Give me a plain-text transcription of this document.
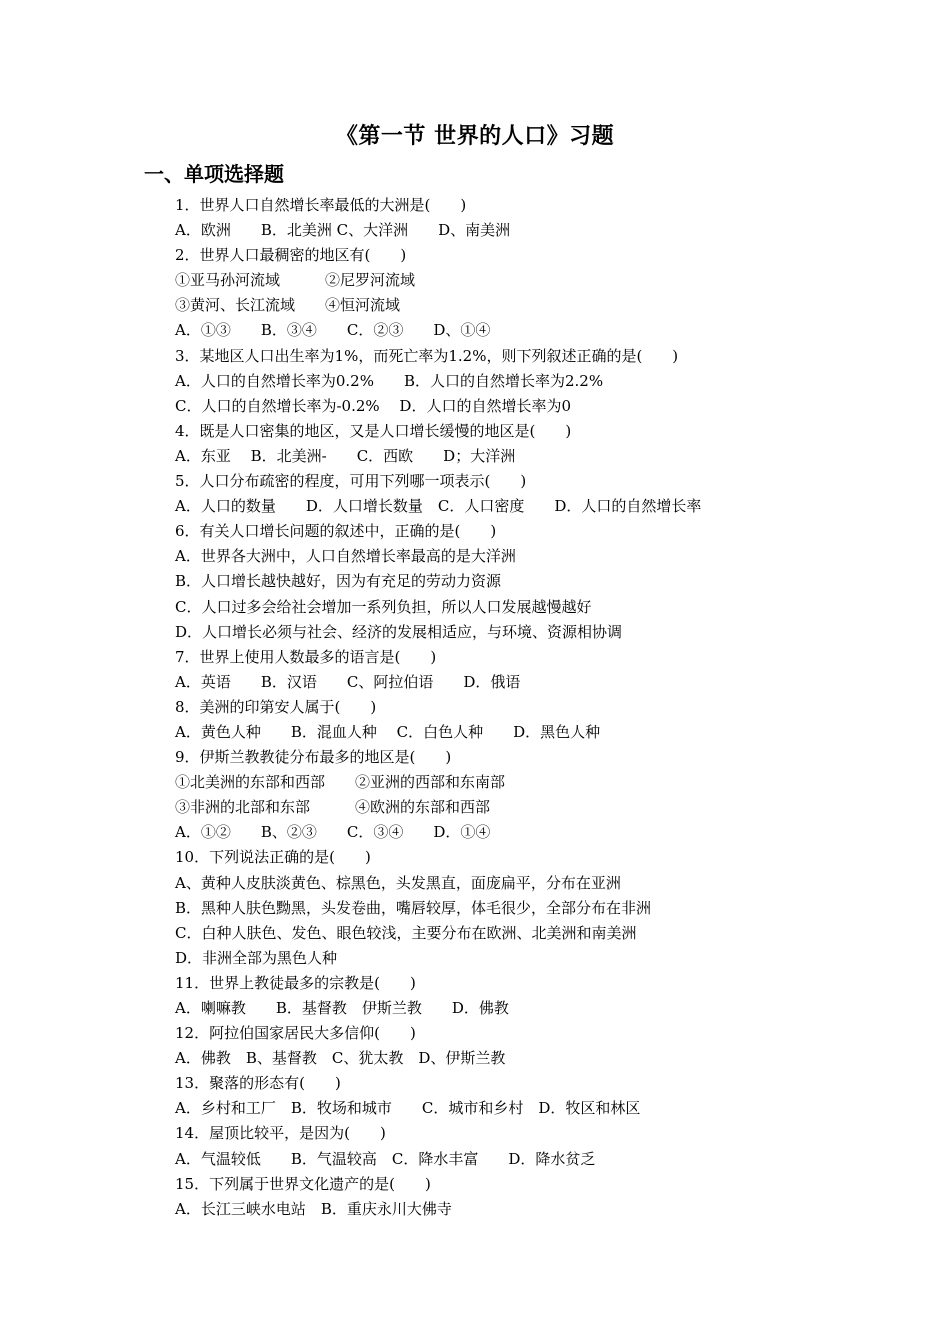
《第一节 世界的人口》习题
一、单项选择题
1．世界人口自然增长率最低的大洲是(　　)
A．欧洲　　B．北美洲 C、大洋洲　　D、南美洲
2．世界人口最稠密的地区有(　　)
①亚马孙河流域　　　②尼罗河流域
③黄河、长江流域　　④恒河流域
A．①③　　B．③④　　C．②③　　D、①④
3．某地区人口出生率为1%，而死亡率为1.2%，则下列叙述正确的是(　　)
A．人口的自然增长率为0.2%　　B．人口的自然增长率为2.2%
C．人口的自然增长率为-0.2%　 D．人口的自然增长率为0
4．既是人口密集的地区，又是人口增长缓慢的地区是(　　)
A．东亚　 B．北美洲-　　C．西欧　　D；大洋洲
5．人口分布疏密的程度，可用下列哪一项表示(　　)
A．人口的数量　　D．人口增长数量　C．人口密度　　D．人口的自然增长率
6．有关人口增长问题的叙述中，正确的是(　　)
A．世界各大洲中，人口自然增长率最高的是大洋洲
B．人口增长越快越好，因为有充足的劳动力资源
C．人口过多会给社会增加一系列负担，所以人口发展越慢越好
D．人口增长必须与社会、经济的发展相适应，与环境、资源相协调
7．世界上使用人数最多的语言是(　　)
A．英语　　B．汉语　　C、阿拉伯语　　D．俄语
8．美洲的印第安人属于(　　)
A．黄色人种　　B．混血人种　 C．白色人种　　D．黑色人种
9．伊斯兰教教徒分布最多的地区是(　　)
①北美洲的东部和西部　　②亚洲的西部和东南部
③非洲的北部和东部　　　④欧洲的东部和西部
A．①②　　B、②③　　C．③④　　D．①④
10．下列说法正确的是(　　)
A、黄种人皮肤淡黄色、棕黑色，头发黑直，面庞扁平，分布在亚洲
B．黑种人肤色黝黑，头发卷曲，嘴唇较厚，体毛很少，全部分布在非洲
C．白种人肤色、发色、眼色较浅，主要分布在欧洲、北美洲和南美洲
D．非洲全部为黑色人种
11．世界上教徒最多的宗教是(　　)
A．喇嘛教　　B．基督教　伊斯兰教　　D．佛教
12．阿拉伯国家居民大多信仰(　　)
A．佛教　B、基督教　C、犹太教　D、伊斯兰教
13．聚落的形态有(　　)
A．乡村和工厂　B．牧场和城市　　C．城市和乡村　D．牧区和林区
14．屋顶比较平，是因为(　　)
A．气温较低　　B．气温较高　C．降水丰富　　D．降水贫乏
15．下列属于世界文化遗产的是(　　)
A．长江三峡水电站　B．重庆永川大佛寺
